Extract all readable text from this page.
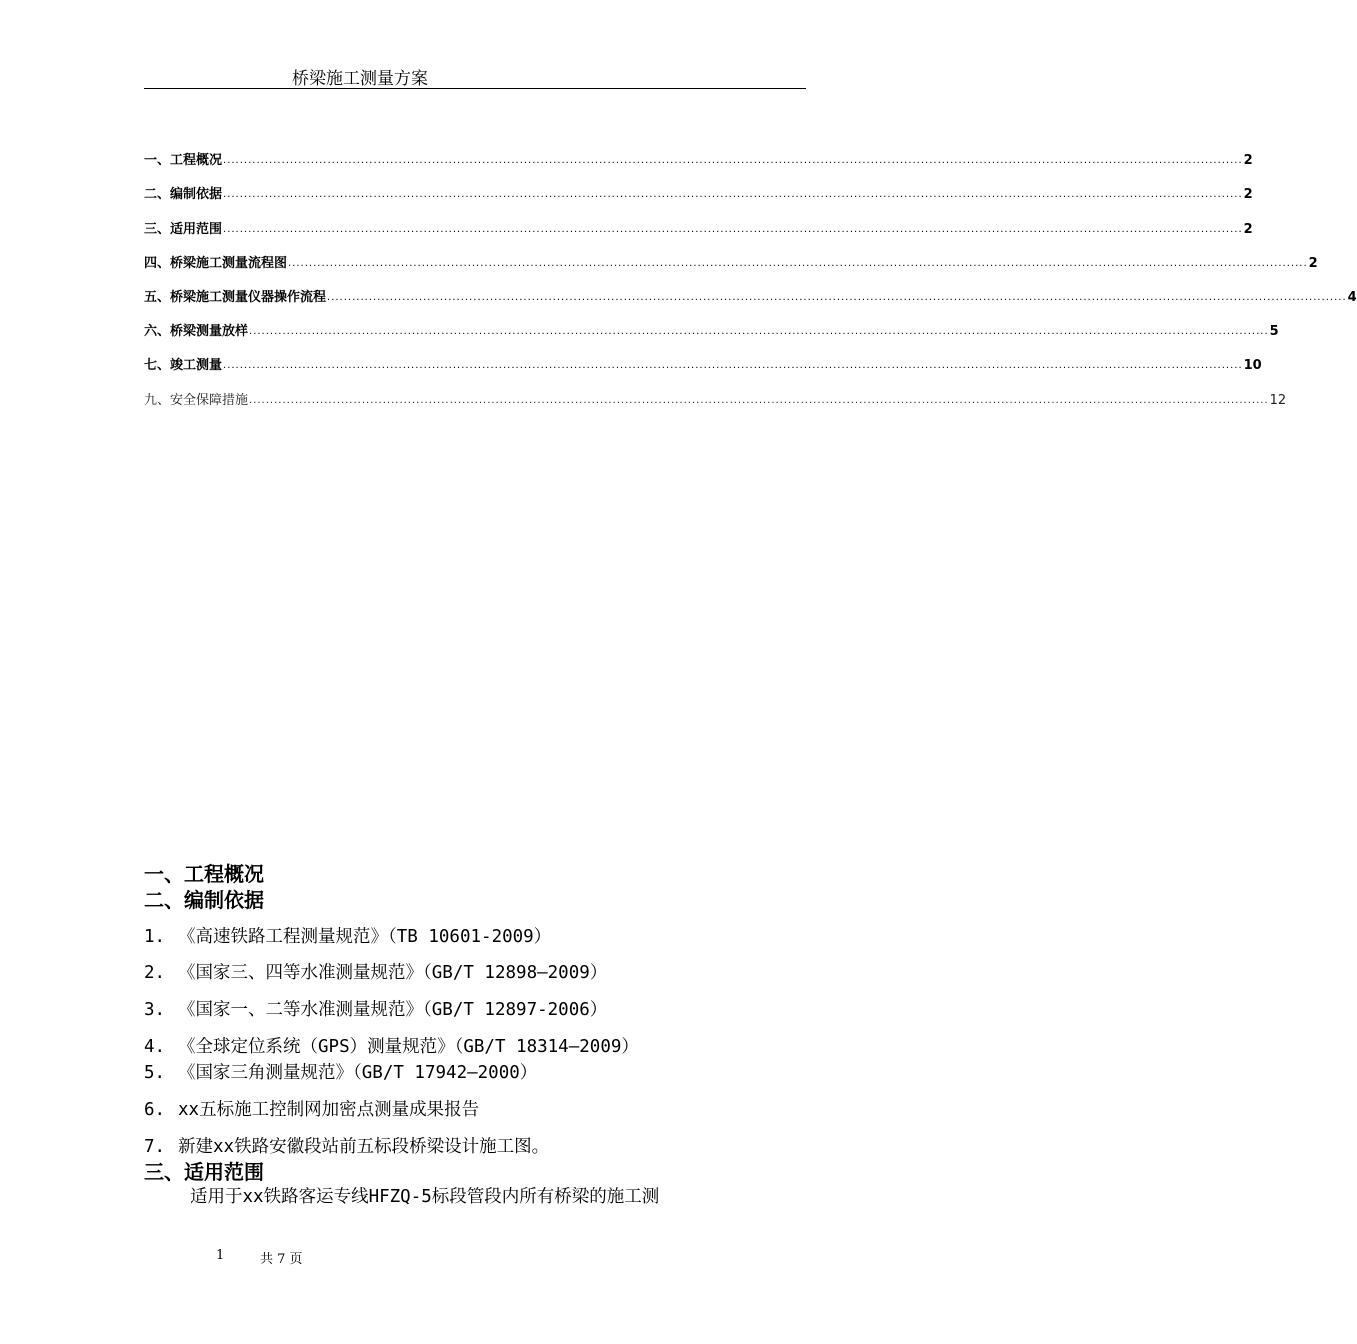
桥梁施工测量方案
一、工程概况 .................................................................................................................................................................................................................................................... 2
二、编制依据 .................................................................................................................................................................................................................................................... 2
三、适用范围 .................................................................................................................................................................................................................................................... 2
四、桥梁施工测量流程图 .................................................................................................................................................................................................................................................... 2
五、桥梁施工测量仪器操作流程 .................................................................................................................................................................................................................................................... 4
六、桥梁测量放样 .................................................................................................................................................................................................................................................... 5
七、竣工测量 .................................................................................................................................................................................................................................................... 10
九、安全保障措施 .................................................................................................................................................................................................................................................... 12
一、工程概况
二、编制依据
1. 《高速铁路工程测量规范》（TB 10601-2009）
2. 《国家三、四等水准测量规范》（GB/T 12898—2009）
3. 《国家一、二等水准测量规范》（GB/T 12897-2006）
4. 《全球定位系统（GPS）测量规范》（GB/T 18314—2009）
5. 《国家三角测量规范》（GB/T 17942—2000）
6. xx五标施工控制网加密点测量成果报告
7. 新建xx铁路安徽段站前五标段桥梁设计施工图。
三、适用范围
适用于xx铁路客运专线HFZQ-5标段管段内所有桥梁的施工测
1	共 7 页
